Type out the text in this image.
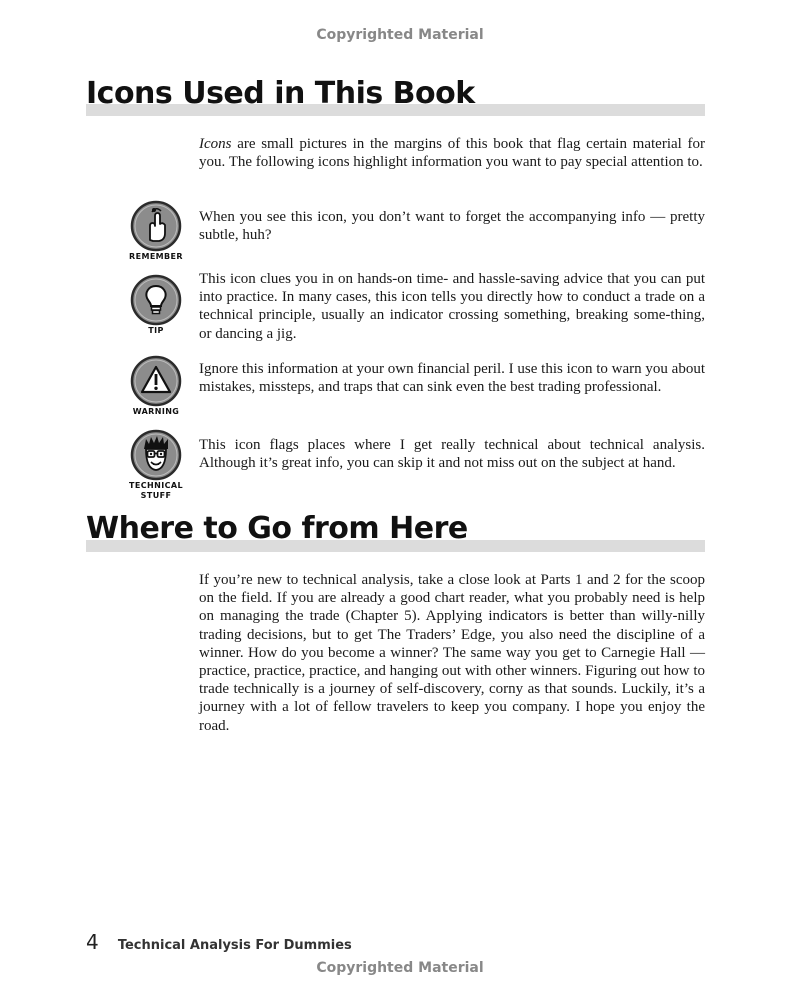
Copyrighted Material
Icons Used in This Book

Icons are small pictures in the margins of this book that flag certain material for you. The following icons highlight information you want to pay special attention to.

REMEMBER

When you see this icon, you don’t want to forget the accompanying info — pretty subtle, huh?

TIP

This icon clues you in on hands-on time- and hassle-saving advice that you can put into practice. In many cases, this icon tells you directly how to conduct a trade on a technical principle, usually an indicator crossing something, breaking some-thing, or dancing a jig.

WARNING

Ignore this information at your own financial peril. I use this icon to warn you about mistakes, missteps, and traps that can sink even the best trading professional.

TECHNICAL
STUFF

This icon flags places where I get really technical about technical analysis. Although it’s great info, you can skip it and not miss out on the subject at hand.

Where to Go from Here

If you’re new to technical analysis, take a close look at Parts 1 and 2 for the scoop on the field. If you are already a good chart reader, what you probably need is help on managing the trade (Chapter 5). Applying indicators is better than willy-nilly trading decisions, but to get The Traders’ Edge, you also need the discipline of a winner. How do you become a winner? The same way you get to Carnegie Hall — practice, practice, practice, and hanging out with other winners. Figuring out how to trade technically is a journey of self-discovery, corny as that sounds. Luckily, it’s a journey with a lot of fellow travelers to keep you company. I hope you enjoy the road.

4 Technical Analysis For Dummies
Copyrighted Material
